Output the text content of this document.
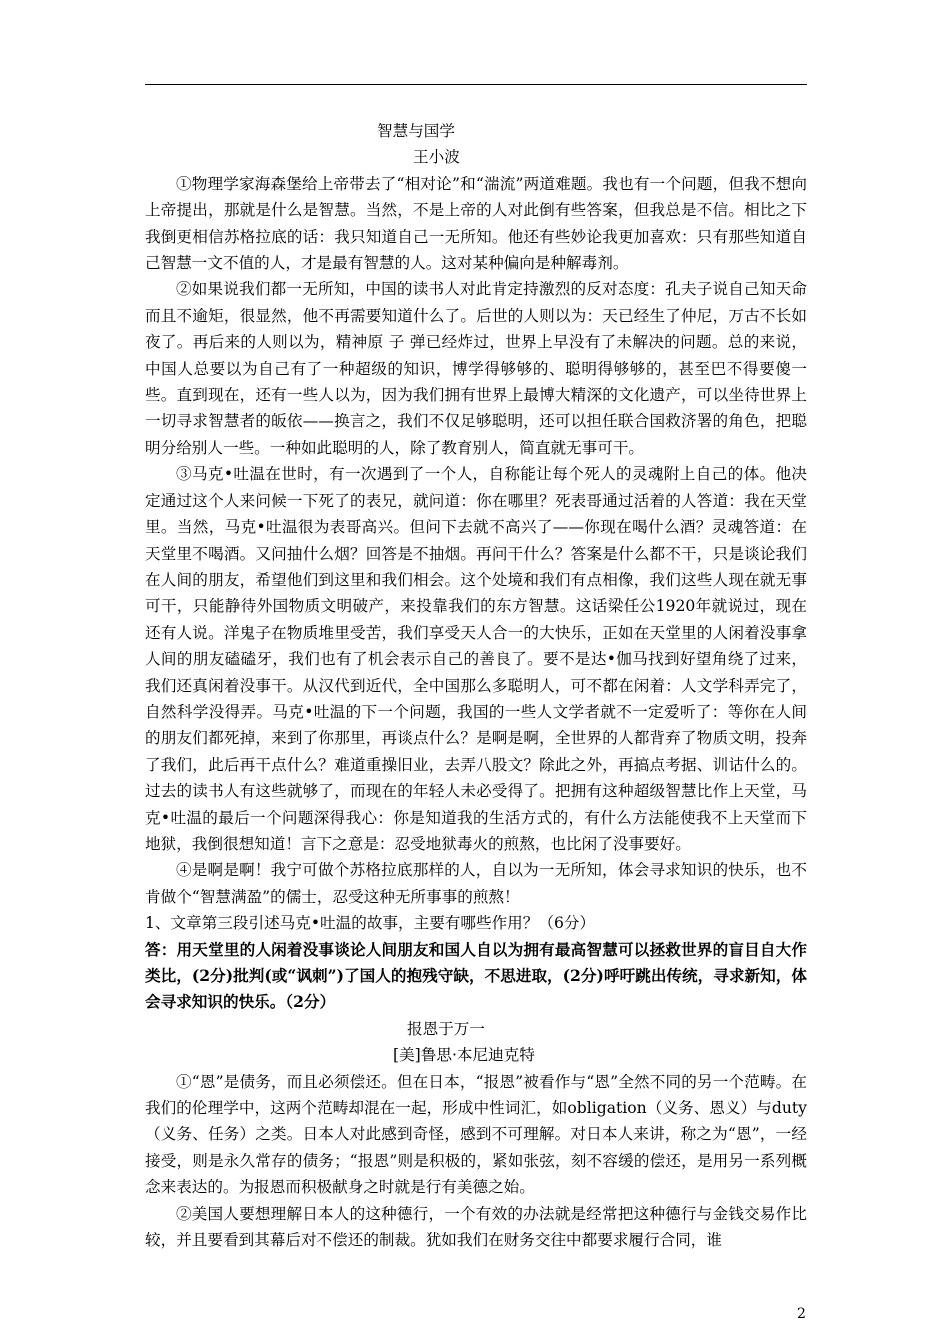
智慧与国学
王小波

①物理学家海森堡给上帝带去了“相对论”和“湍流”两道难题。我也有一个问题，但我不想向上帝提出，那就是什么是智慧。当然，不是上帝的人对此倒有些答案，但我总是不信。相比之下我倒更相信苏格拉底的话：我只知道自己一无所知。他还有些妙论我更加喜欢：只有那些知道自己智慧一文不值的人，才是最有智慧的人。这对某种偏向是种解毒剂。

②如果说我们都一无所知，中国的读书人对此肯定持激烈的反对态度：孔夫子说自己知天命而且不逾矩，很显然，他不再需要知道什么了。后世的人则以为：天已经生了仲尼，万古不长如夜了。再后来的人则以为，精神原 子 弹已经炸过，世界上早没有了未解决的问题。总的来说，中国人总要以为自己有了一种超级的知识，博学得够够的、聪明得够够的，甚至巴不得要傻一些。直到现在，还有一些人以为，因为我们拥有世界上最博大精深的文化遗产，可以坐待世界上一切寻求智慧者的皈依——换言之，我们不仅足够聪明，还可以担任联合国救济署的角色，把聪明分给别人一些。一种如此聪明的人，除了教育别人，简直就无事可干。

③马克•吐温在世时，有一次遇到了一个人，自称能让每个死人的灵魂附上自己的体。他决定通过这个人来问候一下死了的表兄，就问道：你在哪里？死表哥通过活着的人答道：我在天堂里。当然，马克•吐温很为表哥高兴。但问下去就不高兴了——你现在喝什么酒？灵魂答道：在天堂里不喝酒。又问抽什么烟？回答是不抽烟。再问干什么？答案是什么都不干，只是谈论我们在人间的朋友，希望他们到这里和我们相会。这个处境和我们有点相像，我们这些人现在就无事可干，只能静待外国物质文明破产，来投靠我们的东方智慧。这话梁任公1920年就说过，现在还有人说。洋鬼子在物质堆里受苦，我们享受天人合一的大快乐，正如在天堂里的人闲着没事拿人间的朋友磕磕牙，我们也有了机会表示自己的善良了。要不是达•伽马找到好望角绕了过来，我们还真闲着没事干。从汉代到近代，全中国那么多聪明人，可不都在闲着：人文学科弄完了，自然科学没得弄。马克•吐温的下一个问题，我国的一些人文学者就不一定爱听了：等你在人间的朋友们都死掉，来到了你那里，再谈点什么？是啊是啊，全世界的人都背弃了物质文明，投奔了我们，此后再干点什么？难道重操旧业，去弄八股文？除此之外，再搞点考据、训诂什么的。过去的读书人有这些就够了，而现在的年轻人未必受得了。把拥有这种超级智慧比作上天堂，马克•吐温的最后一个问题深得我心：你是知道我的生活方式的，有什么方法能使我不上天堂而下地狱，我倒很想知道！言下之意是：忍受地狱毒火的煎熬，也比闲了没事要好。

④是啊是啊！我宁可做个苏格拉底那样的人，自以为一无所知，体会寻求知识的快乐，也不肯做个“智慧满盈”的儒士，忍受这种无所事事的煎熬！

1、文章第三段引述马克•吐温的故事，主要有哪些作用？（6分）
答：用天堂里的人闲着没事谈论人间朋友和国人自以为拥有最高智慧可以拯救世界的盲目自大作类比，(2分)批判(或“讽刺”)了国人的抱残守缺，不思进取，(2分)呼吁跳出传统，寻求新知，体会寻求知识的快乐。（2分）
报恩于万一
[美]鲁思·本尼迪克特

①“恩”是债务，而且必须偿还。但在日本，“报恩”被看作与“恩”全然不同的另一个范畴。在我们的伦理学中，这两个范畴却混在一起，形成中性词汇，如obligation（义务、恩义）与duty（义务、任务）之类。日本人对此感到奇怪，感到不可理解。对日本人来讲，称之为“恩”，一经接受，则是永久常存的债务；“报恩”则是积极的，紧如张弦，刻不容缓的偿还，是用另一系列概念来表达的。为报恩而积极献身之时就是行有美德之始。

②美国人要想理解日本人的这种德行，一个有效的办法就是经常把这种德行与金钱交易作比较，并且要看到其幕后对不偿还的制裁。犹如我们在财务交往中都要求履行合同，谁

2
